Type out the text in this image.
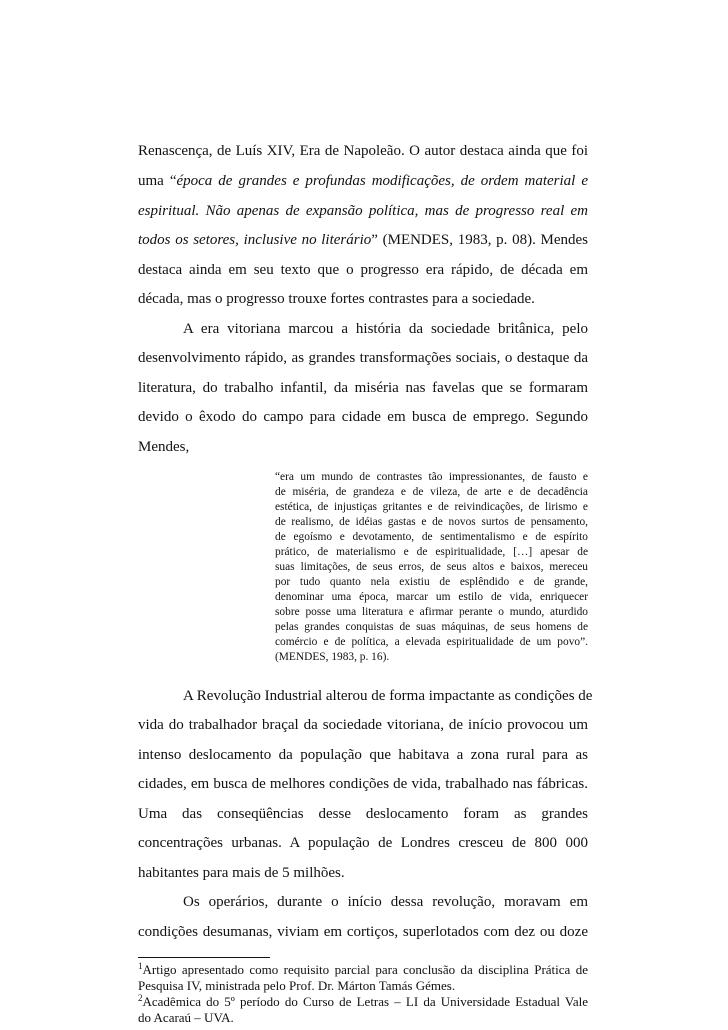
Renascença, de Luís XIV, Era de Napoleão. O autor destaca ainda que foi
uma “época de grandes e profundas modificações, de ordem material e
espiritual. Não apenas de expansão política, mas de progresso real em
todos os setores, inclusive no literário” (MENDES, 1983, p. 08). Mendes
destaca ainda em seu texto que o progresso era rápido, de década em
década, mas o progresso trouxe fortes contrastes para a sociedade.
A era vitoriana marcou a história da sociedade britânica, pelo
desenvolvimento rápido, as grandes transformações sociais, o destaque da
literatura, do trabalho infantil, da miséria nas favelas que se formaram
devido o êxodo do campo para cidade em busca de emprego. Segundo
Mendes,
“era um mundo de contrastes tão impressionantes, de fausto e
de miséria, de grandeza e de vileza, de arte e de decadência
estética, de injustiças gritantes e de reivindicações, de lirismo e
de realismo, de idéias gastas e de novos surtos de pensamento,
de egoísmo e devotamento, de sentimentalismo e de espírito
prático, de materialismo e de espiritualidade, […] apesar de
suas limitações, de seus erros, de seus altos e baixos, mereceu
por tudo quanto nela existiu de esplêndido e de grande,
denominar uma época, marcar um estilo de vida, enriquecer
sobre posse uma literatura e afirmar perante o mundo, aturdido
pelas grandes conquistas de suas máquinas, de seus homens de
comércio e de política, a elevada espiritualidade de um povo”.
(MENDES, 1983, p. 16).
A Revolução Industrial alterou de forma impactante as condições de
vida do trabalhador braçal da sociedade vitoriana, de início provocou um
intenso deslocamento da população que habitava a zona rural para as
cidades, em busca de melhores condições de vida, trabalhado nas fábricas.
Uma das conseqüências desse deslocamento foram as grandes
concentrações urbanas. A população de Londres cresceu de 800 000
habitantes para mais de 5 milhões.
Os operários, durante o início dessa revolução, moravam em
condições desumanas, viviam em cortiços, superlotados com dez ou doze
$^1$Artigo apresentado como requisito parcial para conclusão da disciplina Prática de
Pesquisa IV, ministrada pelo Prof. Dr. Márton Tamás Gémes.
$^2$Acadêmica do 5º período do Curso de Letras – LI da Universidade Estadual Vale
do Acaraú – UVA.
